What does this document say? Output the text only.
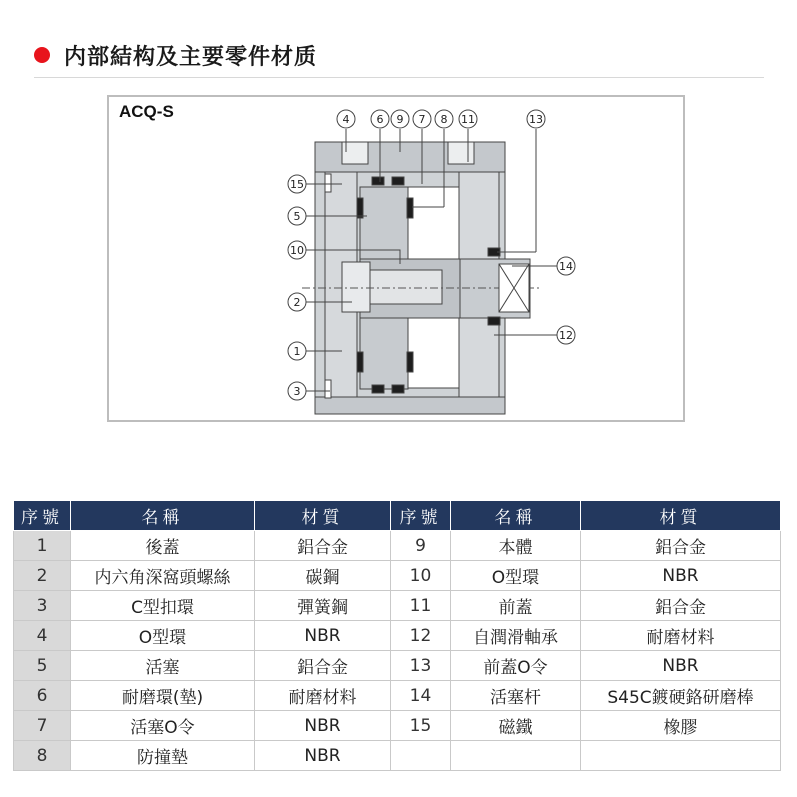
内部結构及主要零件材质
ACQ-S	4 6 9 7 8 11	13
15
5
10
14
2
12
1
3
序號	名稱	材質	序號	名稱	材質
1	後蓋	鋁合金	9	本體	鋁合金
2	内六角深窩頭螺絲	碳鋼	10	O型環	NBR
3	C型扣環	彈簧鋼	11	前蓋	鋁合金
4	O型環	NBR	12	自潤滑軸承	耐磨材料
5	活塞	鋁合金	13	前蓋O令	NBR
6	耐磨環(墊)	耐磨材料	14	活塞杆	S45C鍍硬鉻研磨棒
7	活塞O令	NBR	15	磁鐵	橡膠
8	防撞墊	NBR			
